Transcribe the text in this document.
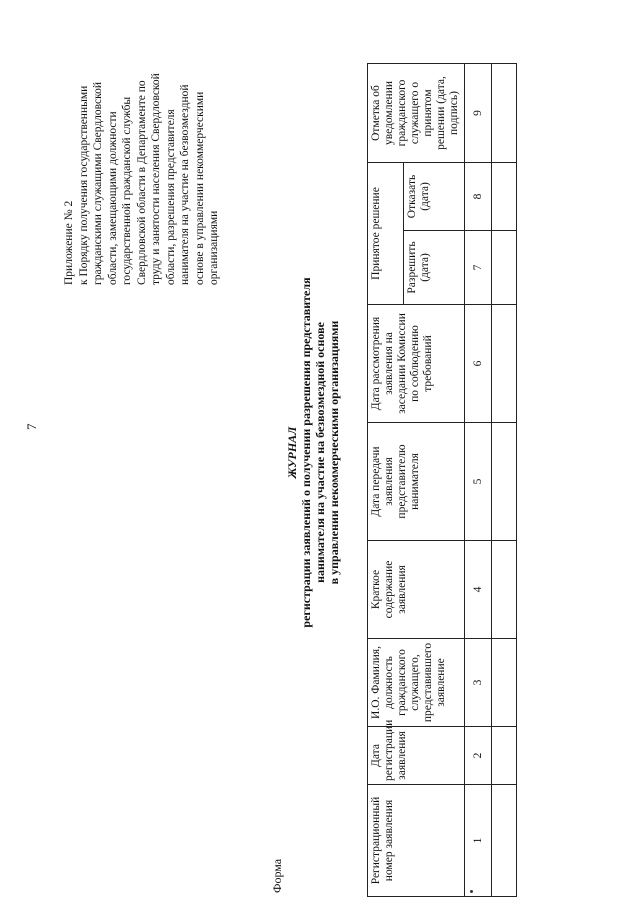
7
Приложение № 2 к Порядку получения государственными гражданскими служащими Свердловской области, замещающими должности государственной гражданской службы Свердловской области в Департаменте по труду и занятости населения Свердловской области, разрешения представителя нанимателя на участие на безвозмездной основе в управлении некоммерческими организациями
Форма
ЖУРНАЛ регистрации заявлений о получении разрешения представителя нанимателя на участие на безвозмездной основе в управлении некоммерческими организациями
Регистрационный номер заявления	Дата регистрации заявления	И.О. Фамилия, должность гражданского служащего, представившего заявление	Краткое содержание заявления	Дата передачи заявления представителю нанимателя	Дата рассмотрения заявления на заседании Комиссии по соблюдению требований	Принятое решение		Отметка об уведомлении гражданского служащего о принятом решении (дата, подпись)
						Разрешить (дата)	Отказать (дата)	
1	2	3	4	5	6	7	8	9
